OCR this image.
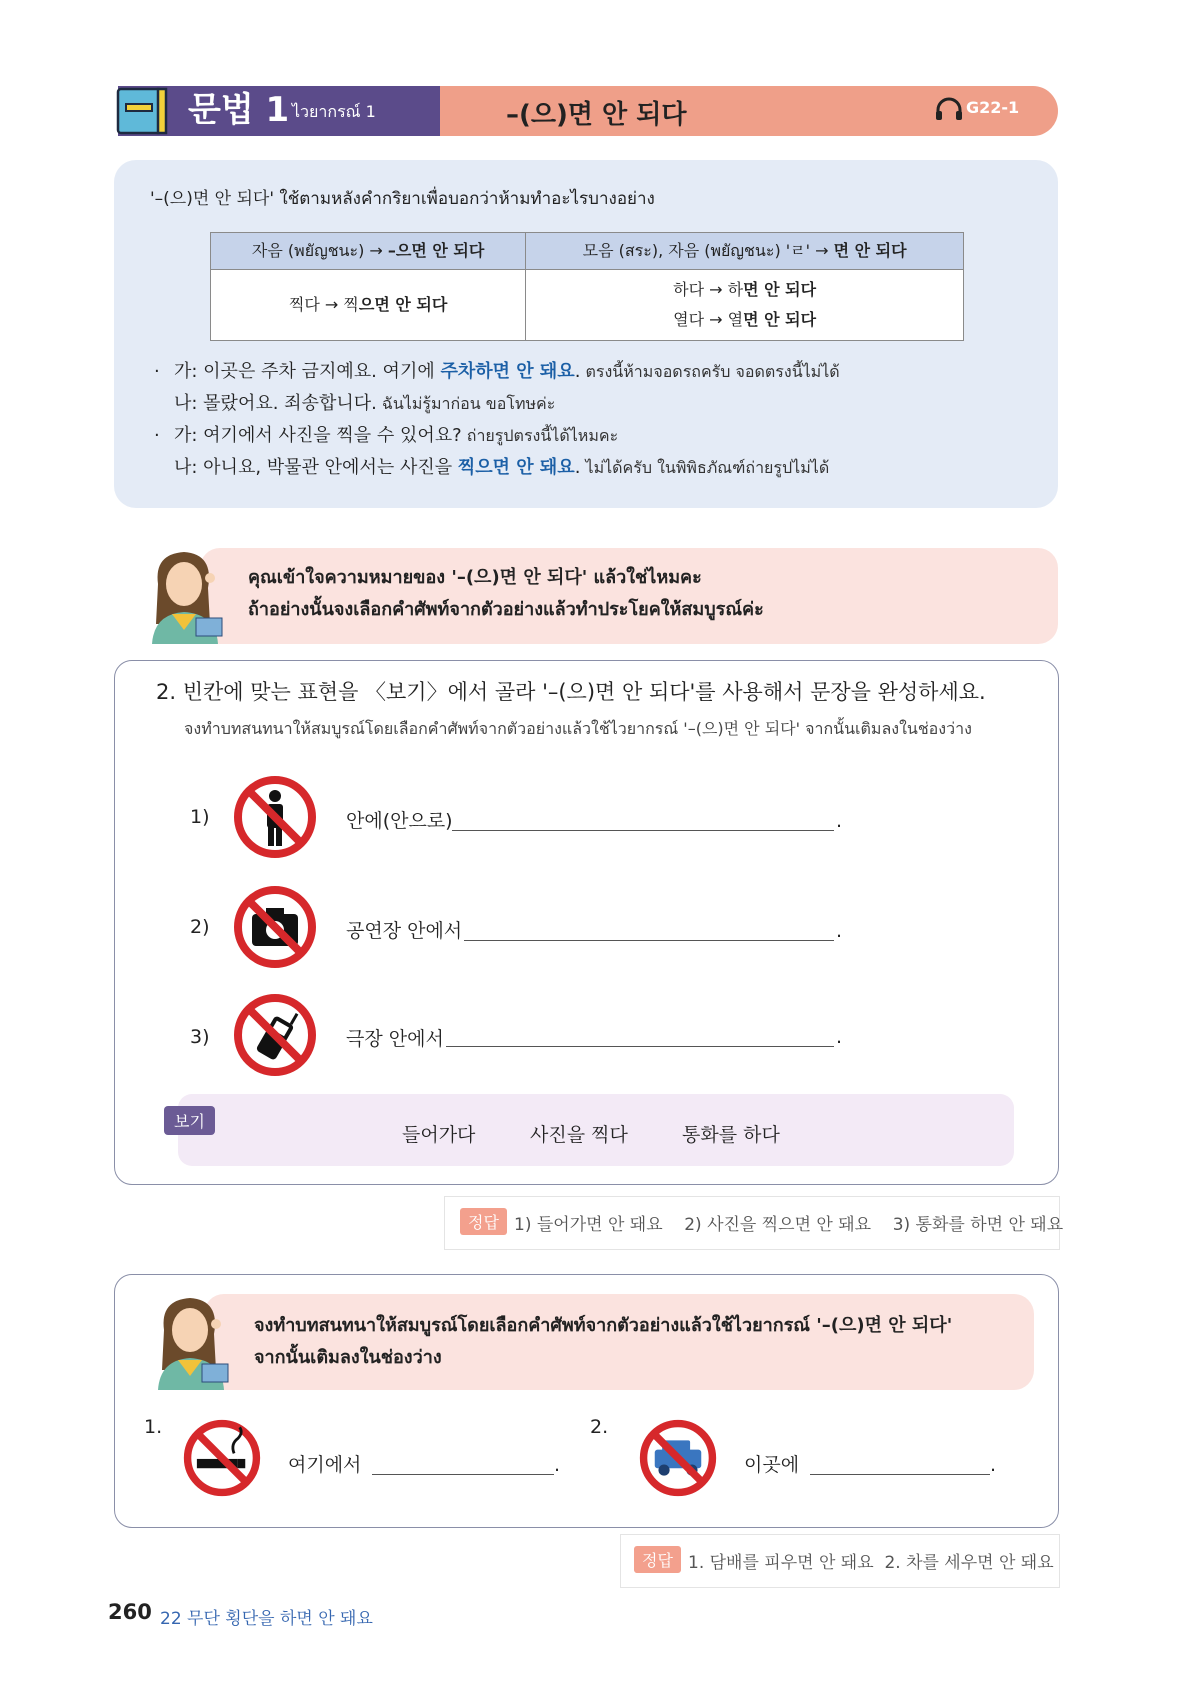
문법 1 ไวยากรณ์ 1	–(으)면 안 되다	G22-1
'–(으)면 안 되다' ใช้ตามหลังคำกริยาเพื่อบอกว่าห้ามทำอะไรบางอย่าง
자음 (พยัญชนะ) → –으면 안 되다	모음 (สระ), 자음 (พยัญชนะ) 'ㄹ' → 면 안 되다
찍다 → 찍으면 안 되다	하다 → 하면 안 되다
열다 → 열면 안 되다
· 가: 이곳은 주차 금지예요. 여기에 주차하면 안 돼요. ตรงนี้ห้ามจอดรถครับ จอดตรงนี้ไม่ได้
나: 몰랐어요. 죄송합니다. ฉันไม่รู้มาก่อน ขอโทษค่ะ
· 가: 여기에서 사진을 찍을 수 있어요? ถ่ายรูปตรงนี้ได้ไหมคะ
나: 아니요, 박물관 안에서는 사진을 찍으면 안 돼요. ไม่ได้ครับ ในพิพิธภัณฑ์ถ่ายรูปไม่ได้
คุณเข้าใจความหมายของ '–(으)면 안 되다' แล้วใช่ไหมคะ
ถ้าอย่างนั้นจงเลือกคำศัพท์จากตัวอย่างแล้วทำประโยคให้สมบูรณ์ค่ะ
2. 빈칸에 맞는 표현을 〈보기〉에서 골라 '–(으)면 안 되다'를 사용해서 문장을 완성하세요.
จงทำบทสนทนาให้สมบูรณ์โดยเลือกคำศัพท์จากตัวอย่างแล้วใช้ไวยากรณ์ '–(으)면 안 되다' จากนั้นเติมลงในช่องว่าง
1)	안에(안으로)	.
2)	공연장 안에서	.
3)	극장 안에서	.
보기
들어가다	사진을 찍다	통화를 하다
정답 1) 들어가면 안 돼요    2) 사진을 찍으면 안 돼요    3) 통화를 하면 안 돼요
จงทำบทสนทนาให้สมบูรณ์โดยเลือกคำศัพท์จากตัวอย่างแล้วใช้ไวยากรณ์ '–(으)면 안 되다'
จากนั้นเติมลงในช่องว่าง
1.
여기에서	.
2.
이곳에	.
정답 1. 담배를 피우면 안 돼요  2. 차를 세우면 안 돼요
260 22 무단 횡단을 하면 안 돼요
